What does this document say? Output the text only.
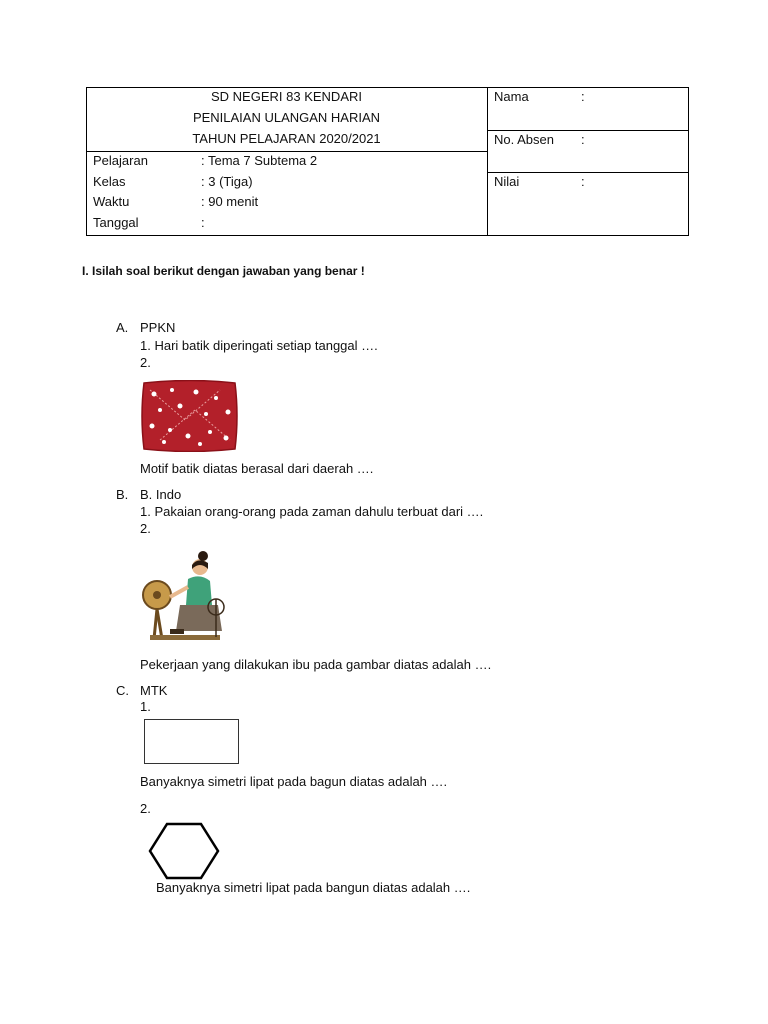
SD NEGERI 83 KENDARI
PENILAIAN ULANGAN HARIAN
TAHUN PELAJARAN 2020/2021
Pelajaran	: Tema 7 Subtema 2
Kelas	: 3 (Tiga)
Waktu	: 90 menit
Tanggal	:
Nama	:
No. Absen :
Nilai	:
I. Isilah soal berikut dengan jawaban yang benar !
A. PPKN
1. Hari batik diperingati setiap tanggal ….
2.
Motif batik diatas berasal dari daerah ….
B. B. Indo
1. Pakaian orang-orang pada zaman dahulu terbuat dari ….
2.
Pekerjaan yang dilakukan ibu pada gambar diatas adalah ….
C. MTK
1.
Banyaknya simetri lipat pada bagun diatas adalah ….
2.
Banyaknya simetri lipat pada bangun diatas adalah ….
